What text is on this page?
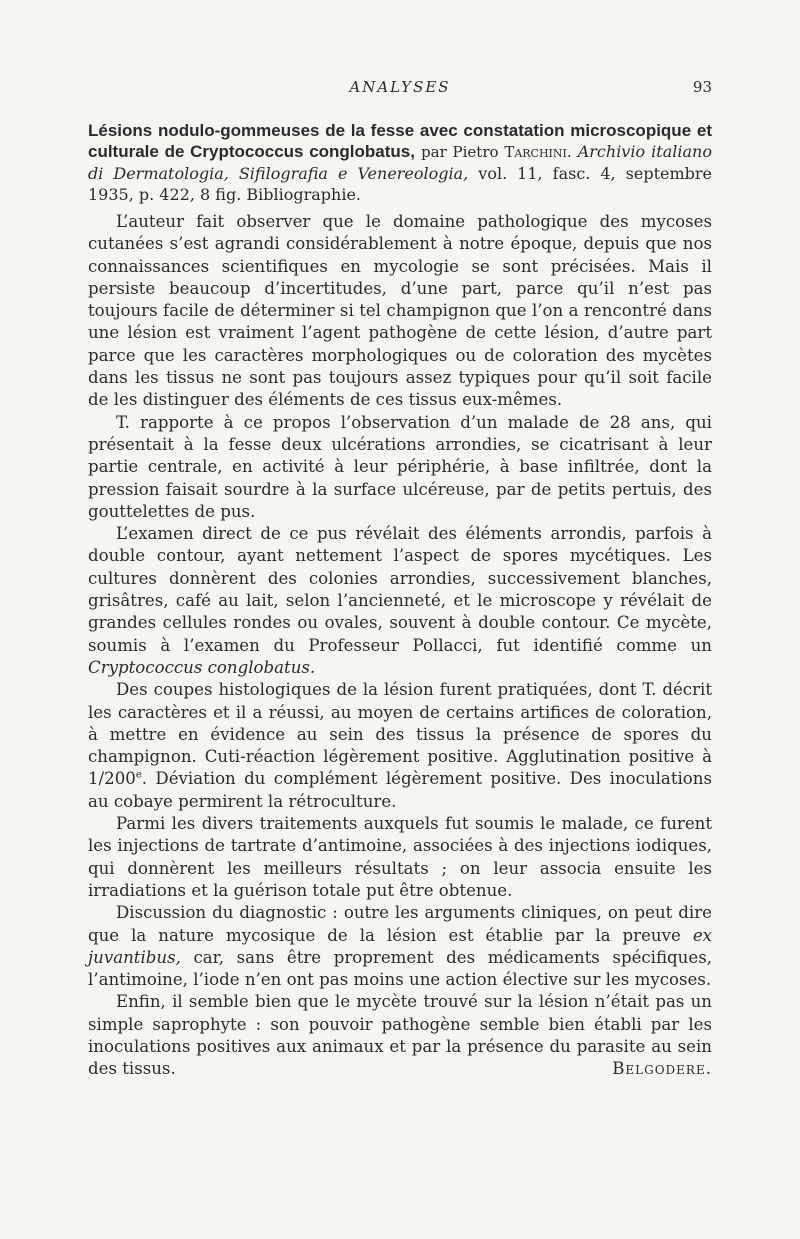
ANALYSES	93

Lésions nodulo-gommeuses de la fesse avec constatation microscopique et culturale de Cryptococcus conglobatus, par Pietro Tarchini. Archivio italiano di Dermatologia, Sifilografia e Venereologia, vol. 11, fasc. 4, septembre 1935, p. 422, 8 fig. Bibliographie.

L’auteur fait observer que le domaine pathologique des mycoses cutanées s’est agrandi considérablement à notre époque, depuis que nos connaissances scientifiques en mycologie se sont précisées. Mais il persiste beaucoup d’incertitudes, d’une part, parce qu’il n’est pas toujours facile de déterminer si tel champignon que l’on a rencontré dans une lésion est vraiment l’agent pathogène de cette lésion, d’autre part parce que les caractères morphologiques ou de coloration des mycètes dans les tissus ne sont pas toujours assez typiques pour qu’il soit facile de les distinguer des éléments de ces tissus eux-mêmes.

T. rapporte à ce propos l’observation d’un malade de 28 ans, qui présentait à la fesse deux ulcérations arrondies, se cicatrisant à leur partie centrale, en activité à leur périphérie, à base infiltrée, dont la pression faisait sourdre à la surface ulcéreuse, par de petits pertuis, des gouttelettes de pus.

L’examen direct de ce pus révélait des éléments arrondis, parfois à double contour, ayant nettement l’aspect de spores mycétiques. Les cultures donnèrent des colonies arrondies, successivement blanches, grisâtres, café au lait, selon l’ancienneté, et le microscope y révélait de grandes cellules rondes ou ovales, souvent à double contour. Ce mycète, soumis à l’examen du Professeur Pollacci, fut identifié comme un Cryptococcus conglobatus.

Des coupes histologiques de la lésion furent pratiquées, dont T. décrit les caractères et il a réussi, au moyen de certains artifices de coloration, à mettre en évidence au sein des tissus la présence de spores du champignon. Cuti-réaction légèrement positive. Agglutination positive à 1/200e. Déviation du complément légèrement positive. Des inoculations au cobaye permirent la rétroculture.

Parmi les divers traitements auxquels fut soumis le malade, ce furent les injections de tartrate d’antimoine, associées à des injections iodiques, qui donnèrent les meilleurs résultats ; on leur associa ensuite les irradiations et la guérison totale put être obtenue.

Discussion du diagnostic : outre les arguments cliniques, on peut dire que la nature mycosique de la lésion est établie par la preuve ex juvantibus, car, sans être proprement des médicaments spécifiques, l’antimoine, l’iode n’en ont pas moins une action élective sur les mycoses.

Enfin, il semble bien que le mycète trouvé sur la lésion n’était pas un simple saprophyte : son pouvoir pathogène semble bien établi par les inoculations positives aux animaux et par la présence du parasite au sein des tissus.	Belgodere.
